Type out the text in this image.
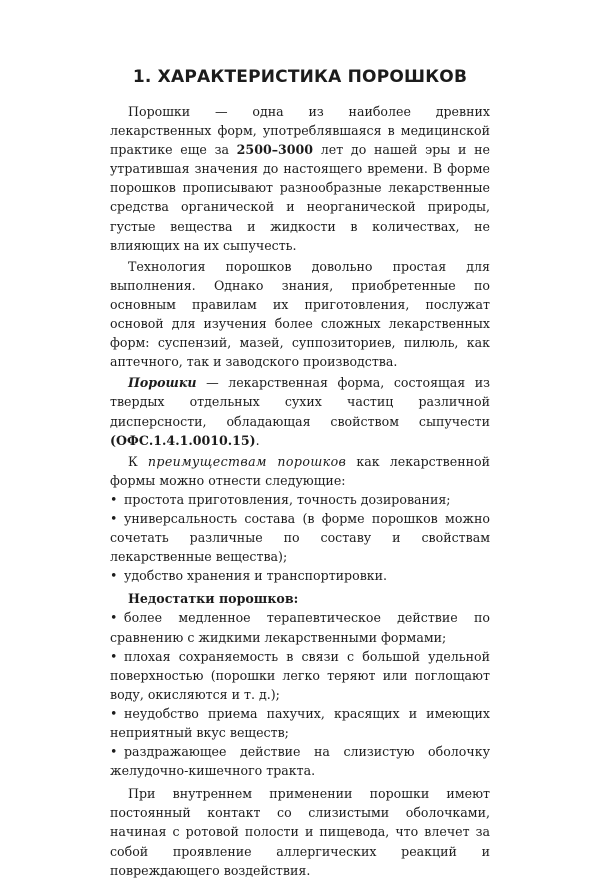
1. ХАРАКТЕРИСТИКА ПОРОШКОВ

Порошки — одна из наиболее древних лекарственных форм, употреблявшаяся в медицинской практике еще за 2500–3000 лет до нашей эры и не утратившая значения до настоящего времени. В форме порошков прописывают разнообразные лекарственные средства органической и неорганической природы, густые вещества и жидкости в количествах, не влияющих на их сыпучесть.

Технология порошков довольно простая для выполнения. Однако знания, приобретенные по основным правилам их приготовления, послужат основой для изучения более сложных лекарственных форм: суспензий, мазей, суппозиториев, пилюль, как аптечного, так и заводского производства.

Порошки — лекарственная форма, состоящая из твердых отдельных сухих частиц различной дисперсности, обладающая свойством сыпучести (ОФС.1.4.1.0010.15).

К преимуществам порошков как лекарственной формы можно отнести следующие:

• простота приготовления, точность дозирования;

• универсальность состава (в форме порошков можно сочетать различные по составу и свойствам лекарственные вещества);

• удобство хранения и транспортировки.

Недостатки порошков:

• более медленное терапевтическое действие по сравнению с жидкими лекарственными формами;

• плохая сохраняемость в связи с большой удельной поверхностью (порошки легко теряют или поглощают воду, окисляются и т. д.);

• неудобство приема пахучих, красящих и имеющих неприятный вкус веществ;

• раздражающее действие на слизистую оболочку желудочно-кишечного тракта.

При внутреннем применении порошки имеют постоянный контакт со слизистыми оболочками, начиная с ротовой полости и пищевода, что влечет за собой проявление аллергических реакций и повреждающего воздействия.
